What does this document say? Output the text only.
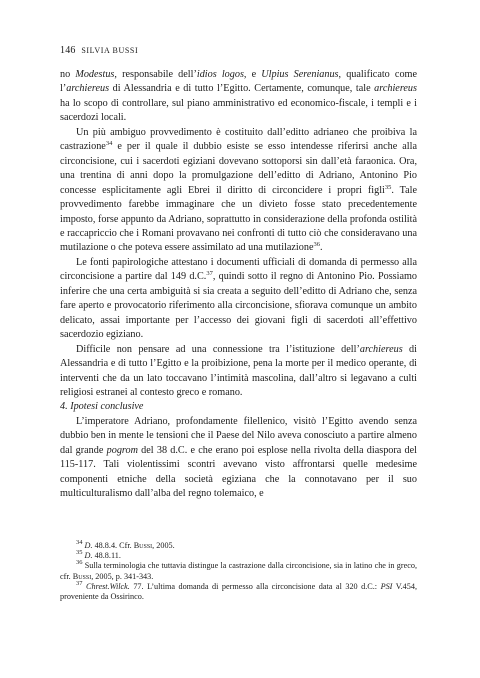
146 SILVIA BUSSI

no Modestus, responsabile dell’idios logos, e Ulpius Serenianus, qualificato come l’archiereus di Alessandria e di tutto l’Egitto. Certamente, comunque, tale archiereus ha lo scopo di controllare, sul piano amministrativo ed economico-fiscale, i templi e i sacerdozi locali.

Un più ambiguo provvedimento è costituito dall’editto adrianeo che proibiva la castrazione$^{34}$ e per il quale il dubbio esiste se esso intendesse riferirsi anche alla circoncisione, cui i sacerdoti egiziani dovevano sottoporsi sin dall’età faraonica. Ora, una trentina di anni dopo la promulgazione dell’editto di Adriano, Antonino Pio concesse esplicitamente agli Ebrei il diritto di circoncidere i propri figli$^{35}$. Tale provvedimento farebbe immaginare che un divieto fosse stato precedentemente imposto, forse appunto da Adriano, soprattutto in considerazione della profonda ostilità e raccapriccio che i Romani provavano nei confronti di tutto ciò che consideravano una mutilazione o che poteva essere assimilato ad una mutilazione$^{36}$.

Le fonti papirologiche attestano i documenti ufficiali di domanda di permesso alla circoncisione a partire dal 149 d.C.$^{37}$, quindi sotto il regno di Antonino Pio. Possiamo inferire che una certa ambiguità si sia creata a seguito dell’editto di Adriano che, senza fare aperto e provocatorio riferimento alla circoncisione, sfiorava comunque un ambito delicato, assai importante per l’accesso dei giovani figli di sacerdoti all’effettivo sacerdozio egiziano.

Difficile non pensare ad una connessione tra l’istituzione dell’archiereus di Alessandria e di tutto l’Egitto e la proibizione, pena la morte per il medico operante, di interventi che da un lato toccavano l’intimità mascolina, dall’altro si legavano a culti religiosi estranei al contesto greco e romano.

4. Ipotesi conclusive

L’imperatore Adriano, profondamente filellenico, visitò l’Egitto avendo senza dubbio ben in mente le tensioni che il Paese del Nilo aveva conosciuto a partire almeno dal grande pogrom del 38 d.C. e che erano poi esplose nella rivolta della diaspora del 115-117. Tali violentissimi scontri avevano visto affrontarsi quelle medesime componenti etniche della società egiziana che la connotavano per il suo multiculturalismo dall’alba del regno tolemaico, e

$^{34}$ D. 48.8.4. Cfr. Bussi, 2005.

$^{35}$ D. 48.8.11.

$^{36}$ Sulla terminologia che tuttavia distingue la castrazione dalla circoncisione, sia in latino che in greco, cfr. Bussi, 2005, p. 341-343.

$^{37}$ Chrest.Wilck. 77. L’ultima domanda di permesso alla circoncisione data al 320 d.C.: PSI V.454, proveniente da Ossirinco.
